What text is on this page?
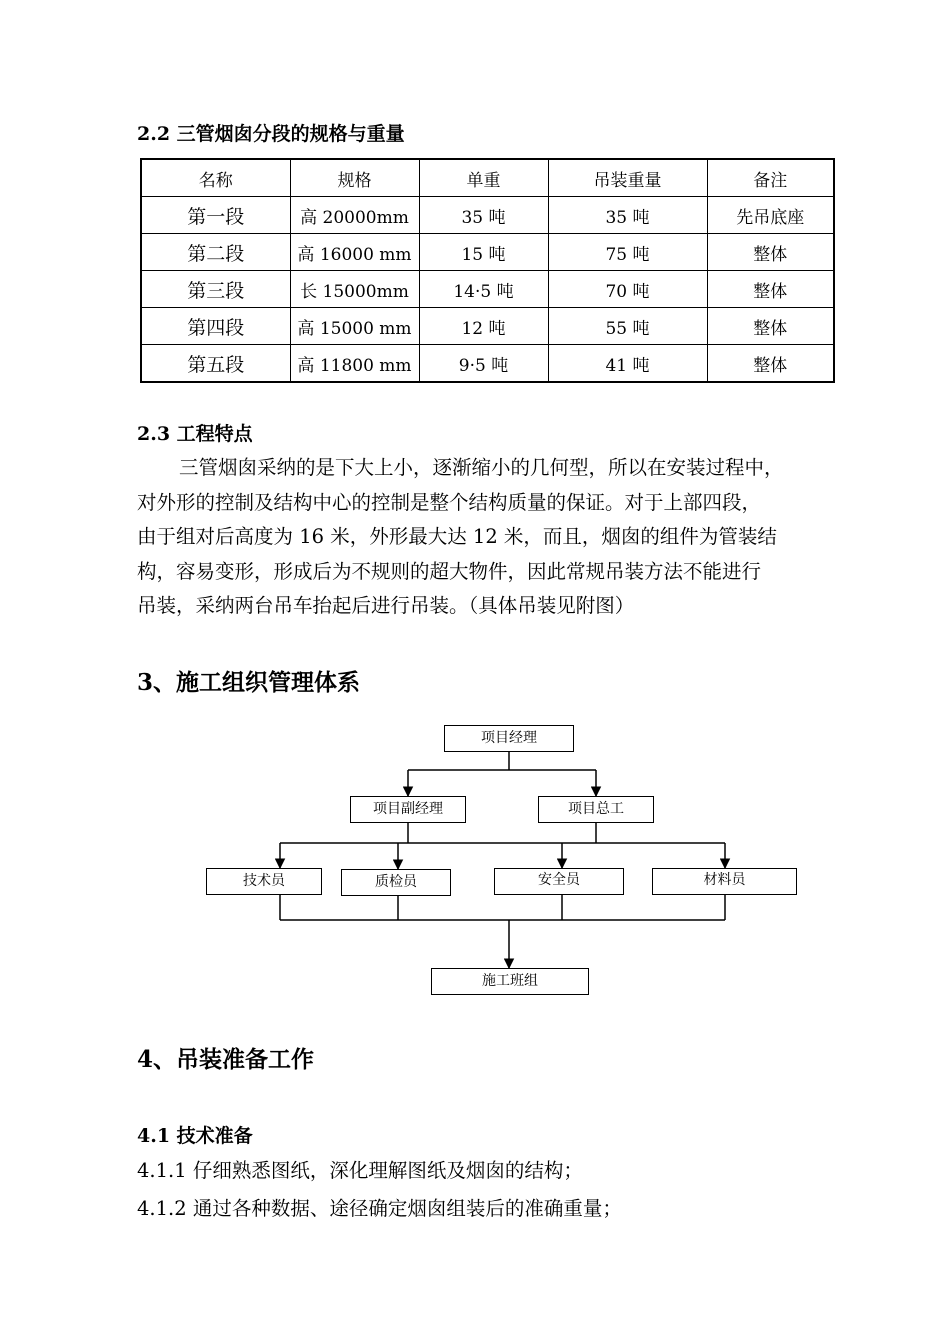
2.2 三管烟囱分段的规格与重量
名称	规格	单重	吊装重量	备注
第一段	高 20000mm	35 吨	35 吨	先吊底座
第二段	高 16000 mm	15 吨	75 吨	整体
第三段	长 15000mm	14·5 吨	70 吨	整体
第四段	高 15000 mm	12 吨	55 吨	整体
第五段	高 11800 mm	9·5 吨	41 吨	整体
2.3 工程特点

三管烟囱采纳的是下大上小，逐渐缩小的几何型，所以在安装过程中，
对外形的控制及结构中心的控制是整个结构质量的保证。对于上部四段，
由于组对后高度为 16 米，外形最大达 12 米，而且，烟囱的组件为管装结
构，容易变形，形成后为不规则的超大物件，因此常规吊装方法不能进行
吊装，采纳两台吊车抬起后进行吊装。（具体吊装见附图）

3、施工组织管理体系
项目经理
项目副经理	项目总工
技术员	质检员	安全员	材料员
施工班组
4、吊装准备工作
4.1 技术准备

4.1.1 仔细熟悉图纸，深化理解图纸及烟囱的结构；

4.1.2 通过各种数据、途径确定烟囱组装后的准确重量；
